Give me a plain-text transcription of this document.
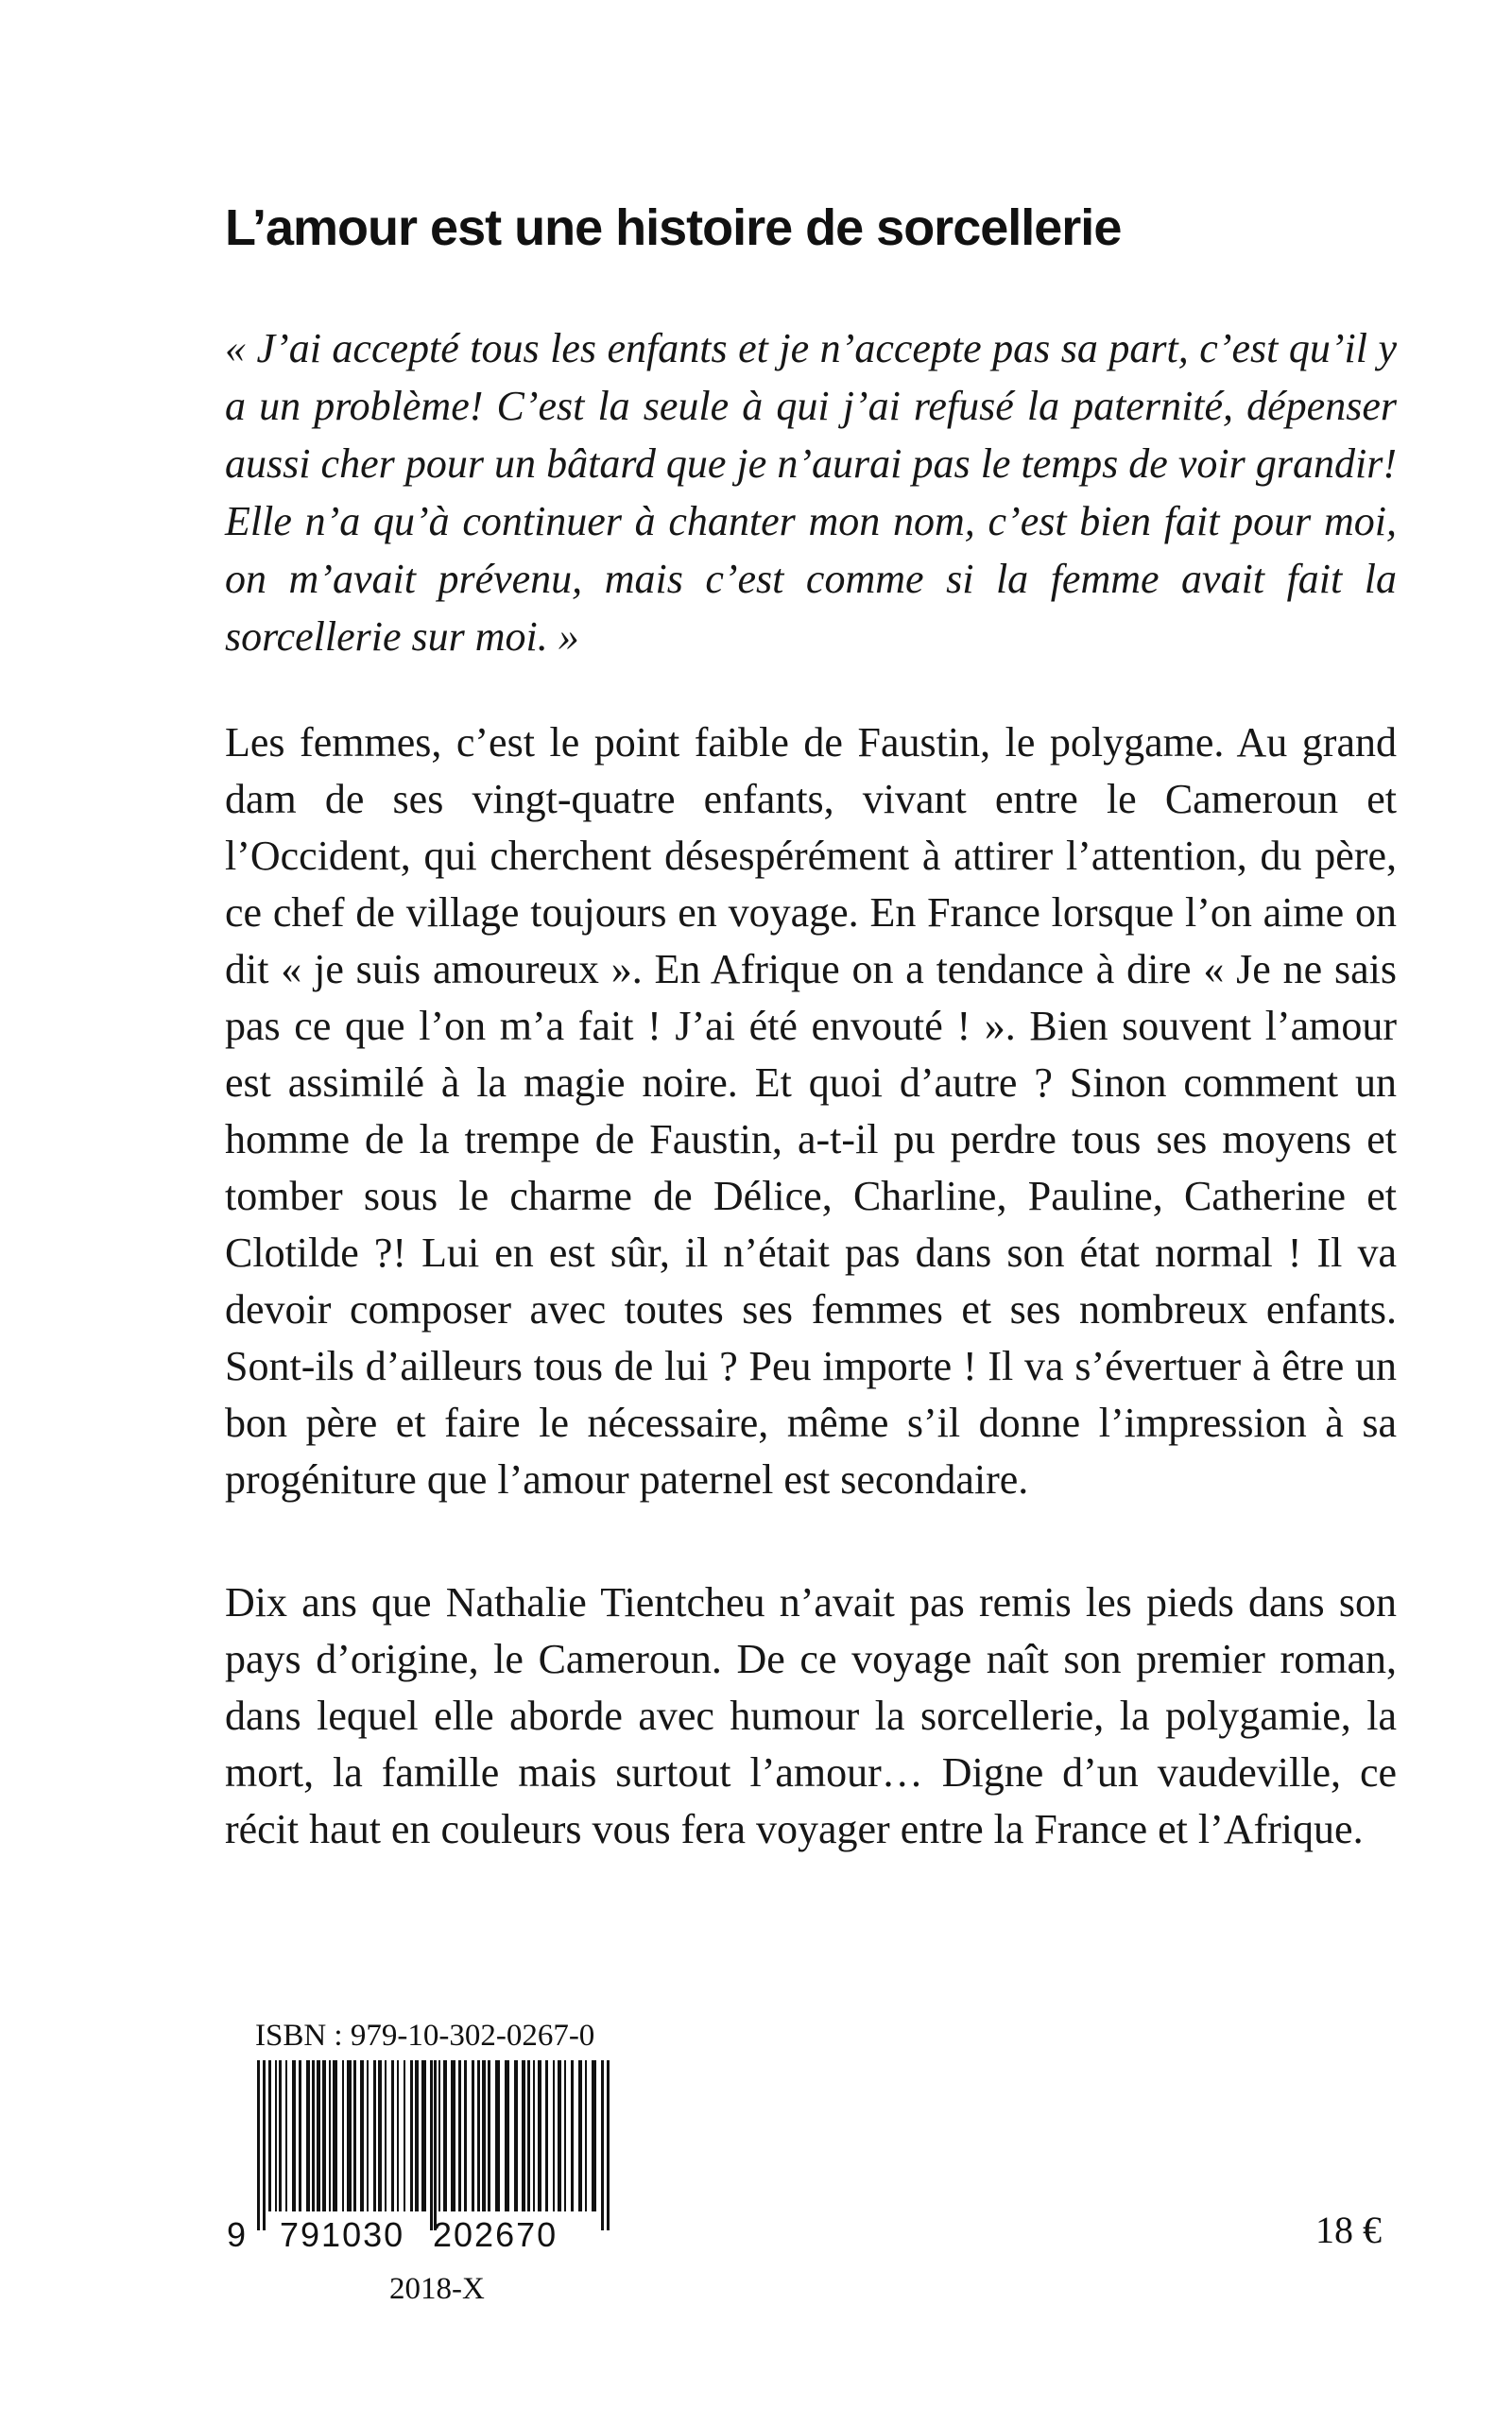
L’amour est une histoire de sorcellerie

« J’ai accepté tous les enfants et je n’accepte pas sa part, c’est qu’il y a un problème! C’est la seule à qui j’ai refusé la paternité, dépenser aussi cher pour un bâtard que je n’aurai pas le temps de voir grandir! Elle n’a qu’à continuer à chanter mon nom, c’est bien fait pour moi, on m’avait prévenu, mais c’est comme si la femme avait fait la sorcellerie sur moi. »

Les femmes, c’est le point faible de Faustin, le polygame. Au grand dam de ses vingt-quatre enfants, vivant entre le Cameroun et l’Occident, qui cherchent désespérément à attirer l’attention, du père, ce chef de village toujours en voyage. En France lorsque l’on aime on dit « je suis amoureux ». En Afrique on a tendance à dire « Je ne sais pas ce que l’on m’a fait ! J’ai été envouté ! ». Bien souvent l’amour est assimilé à la magie noire. Et quoi d’autre ? Sinon comment un homme de la trempe de Faustin, a-t-il pu perdre tous ses moyens et tomber sous le charme de Délice, Charline, Pauline, Catherine et Clotilde ?! Lui en est sûr, il n’était pas dans son état normal ! Il va devoir composer avec toutes ses femmes et ses nombreux enfants. Sont-ils d’ailleurs tous de lui ? Peu importe ! Il va s’évertuer à être un bon père et faire le nécessaire, même s’il donne l’impression à sa progéniture que l’amour paternel est secondaire.

Dix ans que Nathalie Tientcheu n’avait pas remis les pieds dans son pays d’origine, le Cameroun. De ce voyage naît son premier roman, dans lequel elle aborde avec humour la sorcellerie, la polygamie, la mort, la famille mais surtout l’amour… Digne d’un vaudeville, ce récit haut en couleurs vous fera voyager entre la France et l’Afrique.

ISBN : 979-10-302-0267-0
9 791030 202670
2018-X
18 €
